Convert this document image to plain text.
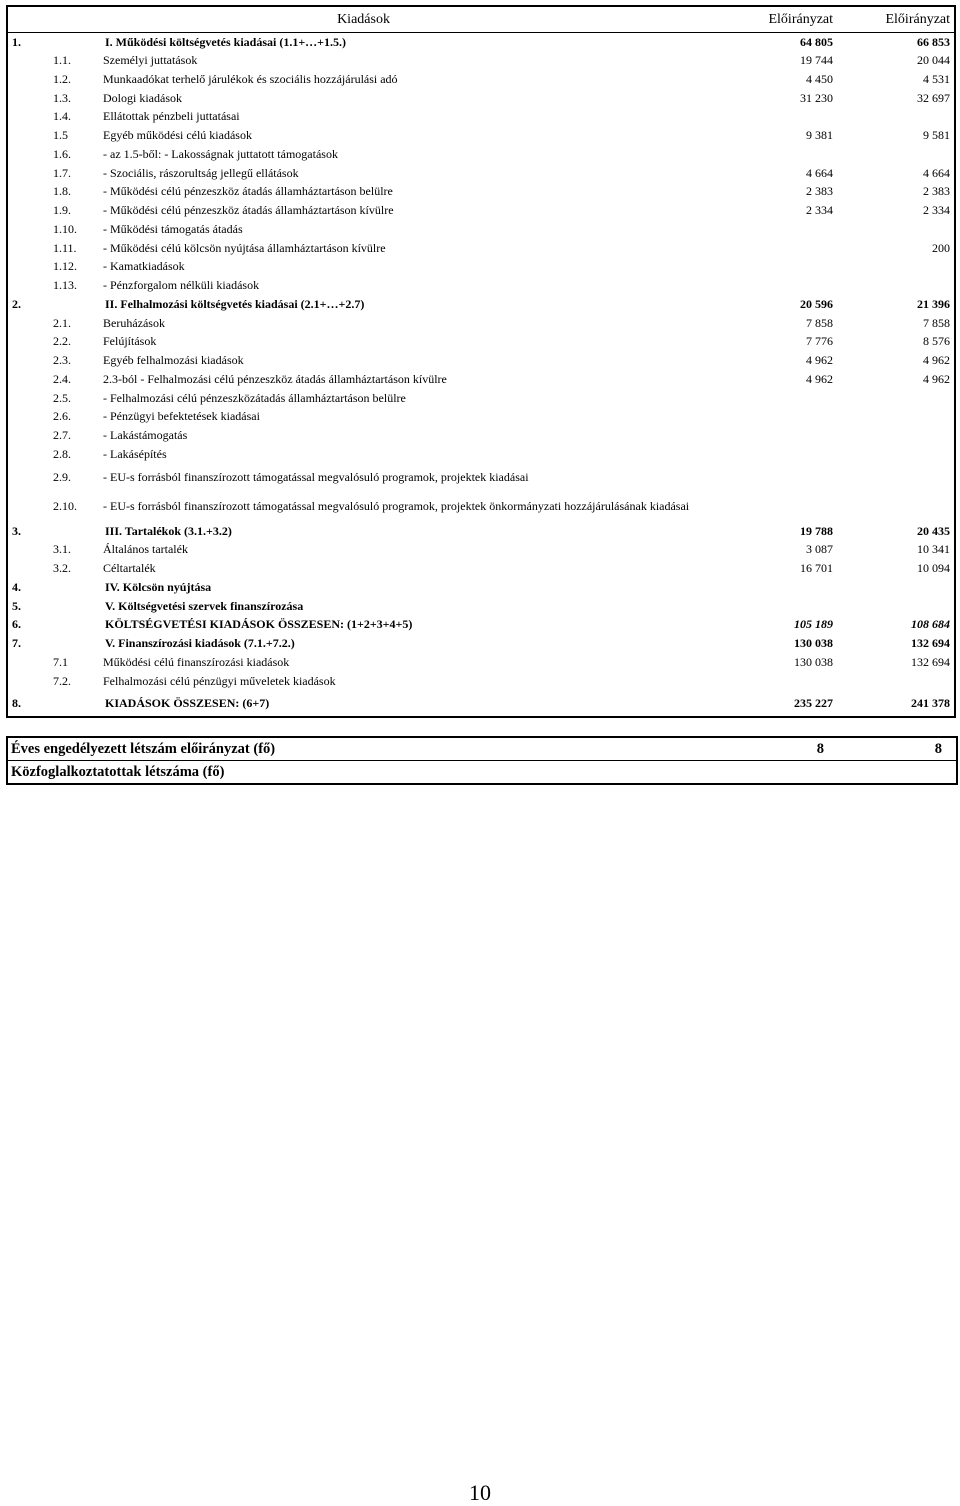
Kiadások			Előirányzat	Előirányzat
1.	I. Működési költségvetés kiadásai (1.1+…+1.5.)		64 805	66 853
	1.1.	Személyi juttatások	19 744	20 044
	1.2.	Munkaadókat terhelő járulékok és szociális hozzájárulási adó	4 450	4 531
	1.3.	Dologi kiadások	31 230	32 697
	1.4.	Ellátottak pénzbeli juttatásai		
	1.5	Egyéb működési célú kiadások	9 381	9 581
	1.6.	- az 1.5-ből: - Lakosságnak juttatott támogatások		
	1.7.	- Szociális, rászorultság jellegű ellátások	4 664	4 664
	1.8.	- Működési célú pénzeszköz átadás államháztartáson belülre	2 383	2 383
	1.9.	- Működési célú pénzeszköz átadás államháztartáson kívülre	2 334	2 334
	1.10.	- Működési támogatás átadás		
	1.11.	- Működési célú kölcsön nyújtása államháztartáson kívülre		200
	1.12.	- Kamatkiadások		
	1.13.	- Pénzforgalom nélküli kiadások		
2.	II. Felhalmozási költségvetés kiadásai (2.1+…+2.7)		20 596	21 396
	2.1.	Beruházások	7 858	7 858
	2.2.	Felújítások	7 776	8 576
	2.3.	Egyéb felhalmozási kiadások	4 962	4 962
	2.4.	2.3-ból - Felhalmozási célú pénzeszköz átadás államháztartáson kívülre	4 962	4 962
	2.5.	- Felhalmozási célú pénzeszközátadás államháztartáson belülre		
	2.6.	- Pénzügyi befektetések kiadásai		
	2.7.	- Lakástámogatás		
	2.8.	- Lakásépítés		
	2.9.	- EU-s forrásból finanszírozott támogatással megvalósuló programok, projektek kiadásai		
	2.10.	- EU-s forrásból finanszírozott támogatással megvalósuló programok, projektek önkormányzati hozzájárulásának kiadásai		
3.	III. Tartalékok (3.1.+3.2)		19 788	20 435
	3.1.	Általános tartalék	3 087	10 341
	3.2.	Céltartalék	16 701	10 094
4.	IV. Kölcsön nyújtása			
5.	V. Költségvetési szervek finanszírozása			
6.	KÖLTSÉGVETÉSI KIADÁSOK ÖSSZESEN: (1+2+3+4+5)		105 189	108 684
7.	V. Finanszírozási kiadások (7.1.+7.2.)		130 038	132 694
	7.1	Működési célú finanszírozási kiadások	130 038	132 694
	7.2.	Felhalmozási célú pénzügyi műveletek kiadások		
8.	KIADÁSOK ÖSSZESEN: (6+7)		235 227	241 378
Éves engedélyezett létszám előirányzat (fő)	8	8
Közfoglalkoztatottak létszáma (fő)		
10
